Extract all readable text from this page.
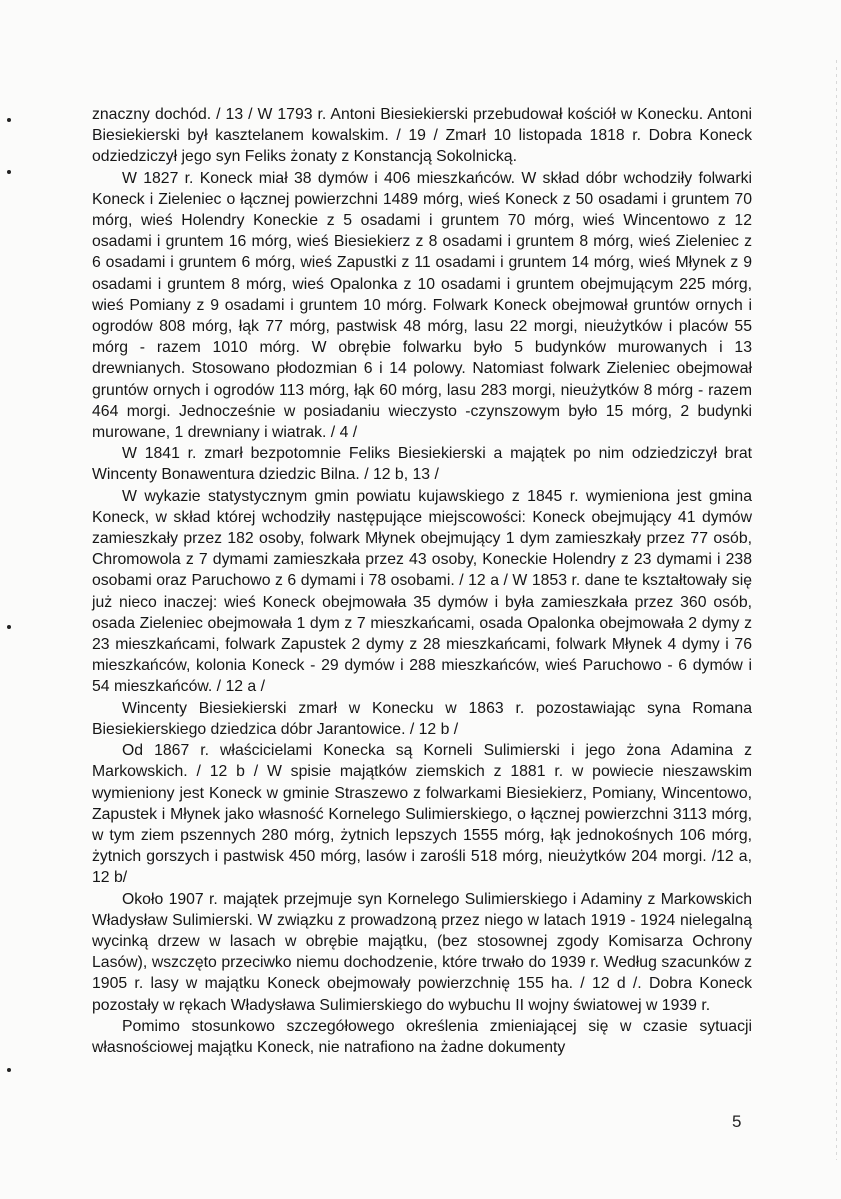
znaczny dochód. / 13 / W 1793 r. Antoni Biesiekierski przebudował kościół w Konecku. Antoni Biesiekierski był kasztelanem kowalskim. / 19 / Zmarł 10 listopada 1818 r. Dobra Koneck odziedziczył jego syn Feliks żonaty z Konstancją Sokolnicką.

W 1827 r. Koneck miał 38 dymów i 406 mieszkańców. W skład dóbr wchodziły folwarki Koneck i Zieleniec o łącznej powierzchni 1489 mórg, wieś Koneck z 50 osadami i gruntem 70 mórg, wieś Holendry Koneckie z 5 osadami i gruntem 70 mórg, wieś Wincentowo z 12 osadami i gruntem 16 mórg, wieś Biesiekierz z 8 osadami i gruntem 8 mórg, wieś Zieleniec z 6 osadami i gruntem 6 mórg, wieś Zapustki z 11 osadami i gruntem 14 mórg, wieś Młynek z 9 osadami i gruntem 8 mórg, wieś Opalonka z 10 osadami i gruntem obejmującym 225 mórg, wieś Pomiany z 9 osadami i gruntem 10 mórg. Folwark Koneck obejmował gruntów ornych i ogrodów 808 mórg, łąk 77 mórg, pastwisk 48 mórg, lasu 22 morgi, nieużytków i placów 55 mórg - razem 1010 mórg. W obrębie folwarku było 5 budynków murowanych i 13 drewnianych. Stosowano płodozmian 6 i 14 polowy. Natomiast folwark Zieleniec obejmował gruntów ornych i ogrodów 113 mórg, łąk 60 mórg, lasu 283 morgi, nieużytków 8 mórg - razem 464 morgi. Jednocześnie w posiadaniu wieczysto -czynszowym było 15 mórg, 2 budynki murowane, 1 drewniany i wiatrak. / 4 /

W 1841 r. zmarł bezpotomnie Feliks Biesiekierski a majątek po nim odziedziczył brat Wincenty Bonawentura dziedzic Bilna. / 12 b, 13 /

W wykazie statystycznym gmin powiatu kujawskiego z 1845 r. wymieniona jest gmina Koneck, w skład której wchodziły następujące miejscowości: Koneck obejmujący 41 dymów zamieszkały przez 182 osoby, folwark Młynek obejmujący 1 dym zamieszkały przez 77 osób, Chromowola z 7 dymami zamieszkała przez 43 osoby, Koneckie Holendry z 23 dymami i 238 osobami oraz Paruchowo z 6 dymami i 78 osobami. / 12 a / W 1853 r. dane te kształtowały się już nieco inaczej: wieś Koneck obejmowała 35 dymów i była zamieszkała przez 360 osób, osada Zieleniec obejmowała 1 dym z 7 mieszkańcami, osada Opalonka obejmowała 2 dymy z 23 mieszkańcami, folwark Zapustek 2 dymy z 28 mieszkańcami, folwark Młynek 4 dymy i 76 mieszkańców, kolonia Koneck - 29 dymów i 288 mieszkańców, wieś Paruchowo - 6 dymów i 54 mieszkańców. / 12 a /

Wincenty Biesiekierski zmarł w Konecku w 1863 r. pozostawiając syna Romana Biesiekierskiego dziedzica dóbr Jarantowice. / 12 b /

Od 1867 r. właścicielami Konecka są Korneli Sulimierski i jego żona Adamina z Markowskich. / 12 b / W spisie majątków ziemskich z 1881 r. w powiecie nieszawskim wymieniony jest Koneck w gminie Straszewo z folwarkami Biesiekierz, Pomiany, Wincentowo, Zapustek i Młynek jako własność Kornelego Sulimierskiego, o łącznej powierzchni 3113 mórg, w tym ziem pszennych 280 mórg, żytnich lepszych 1555 mórg, łąk jednokośnych 106 mórg, żytnich gorszych i pastwisk 450 mórg, lasów i zarośli 518 mórg, nieużytków 204 morgi. /12 a, 12 b/

Około 1907 r. majątek przejmuje syn Kornelego Sulimierskiego i Adaminy z Markowskich Władysław Sulimierski. W związku z prowadzoną przez niego w latach 1919 - 1924 nielegalną wycinką drzew w lasach w obrębie majątku, (bez stosownej zgody Komisarza Ochrony Lasów), wszczęto przeciwko niemu dochodzenie, które trwało do 1939 r. Według szacunków z 1905 r. lasy w majątku Koneck obejmowały powierzchnię 155 ha. / 12 d /. Dobra Koneck pozostały w rękach Władysława Sulimierskiego do wybuchu II wojny światowej w 1939 r.

Pomimo stosunkowo szczegółowego określenia zmieniającej się w czasie sytuacji własnościowej majątku Koneck, nie natrafiono na żadne dokumenty

5
